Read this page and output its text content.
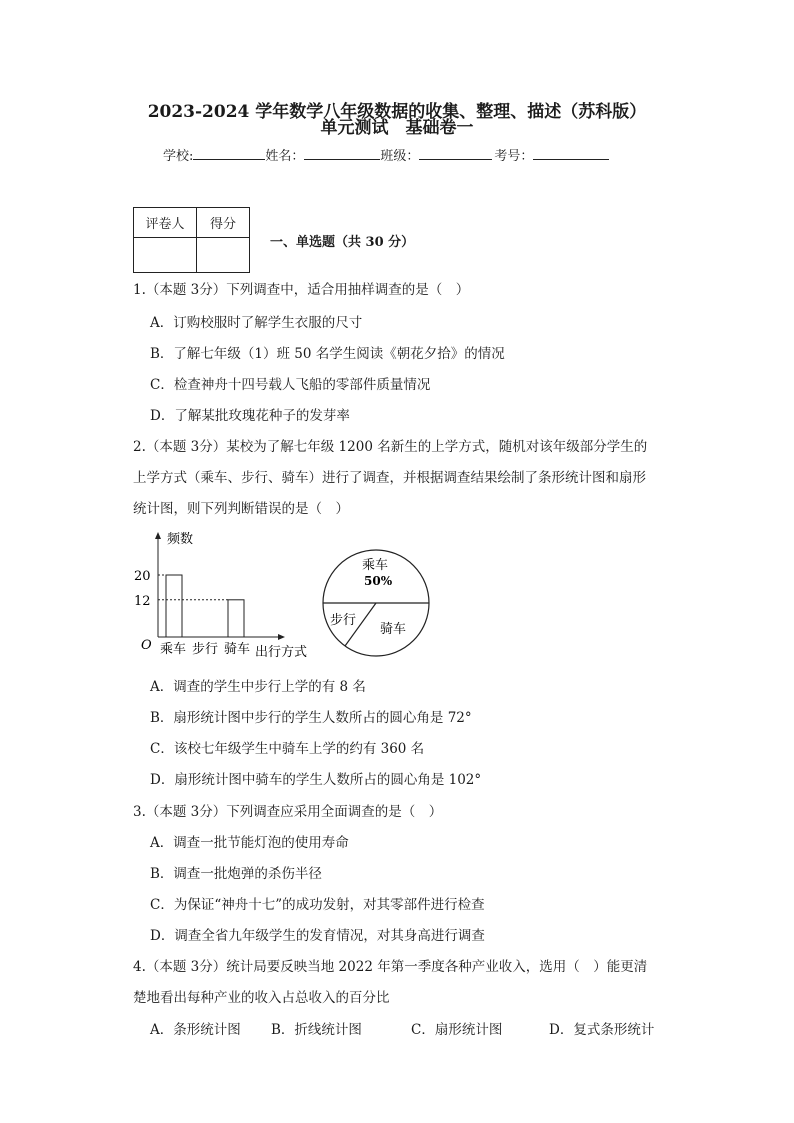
2023-2024 学年数学八年级数据的收集、整理、描述（苏科版）
单元测试　基础卷一
学校:	姓名：	班级：	考号：
评卷人	得分

一、单选题（共 30 分）
1.（本题 3分）下列调查中，适合用抽样调查的是（　）
A．订购校服时了解学生衣服的尺寸
B．了解七年级（1）班 50 名学生阅读《朝花夕拾》的情况
C．检查神舟十四号载人飞船的零部件质量情况
D．了解某批玫瑰花种子的发芽率
2.（本题 3分）某校为了解七年级 1200 名新生的上学方式，随机对该年级部分学生的
上学方式（乘车、步行、骑车）进行了调查，并根据调查结果绘制了条形统计图和扇形
统计图，则下列判断错误的是（　）
频数
O
20
12
乘车 步行 骑车 出行方式
乘车
50%
步行
骑车
A．调查的学生中步行上学的有 8 名
B．扇形统计图中步行的学生人数所占的圆心角是 72°
C．该校七年级学生中骑车上学的约有 360 名
D．扇形统计图中骑车的学生人数所占的圆心角是 102°
3.（本题 3分）下列调查应采用全面调查的是（　）
A．调查一批节能灯泡的使用寿命
B．调查一批炮弹的杀伤半径
C．为保证“神舟十七”的成功发射，对其零部件进行检查
D．调查全省九年级学生的发育情况，对其身高进行调查
4.（本题 3分）统计局要反映当地 2022 年第一季度各种产业收入，选用（　）能更清
楚地看出每种产业的收入占总收入的百分比
A．条形统计图 B．折线统计图	C．扇形统计图	D．复式条形统计
